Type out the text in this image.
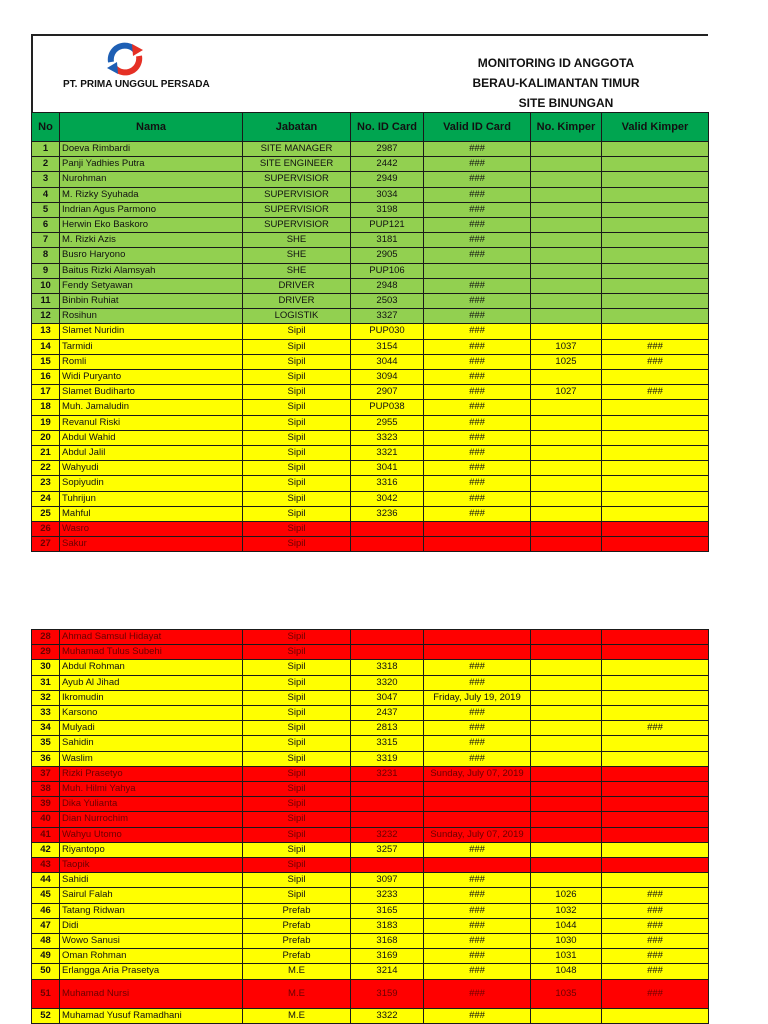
PT. PRIMA UNGGUL PERSADA
MONITORING ID ANGGOTA
BERAU-KALIMANTAN TIMUR
SITE BINUNGAN
No	Nama	Jabatan	No. ID Card	Valid ID Card	No. Kimper	Valid Kimper
1	Doeva Rimbardi	SITE MANAGER	2987	###		
2	Panji Yadhies Putra	SITE ENGINEER	2442	###		
3	Nurohman	SUPERVISIOR	2949	###		
4	M. Rizky Syuhada	SUPERVISIOR	3034	###		
5	Indrian Agus Parmono	SUPERVISIOR	3198	###		
6	Herwin Eko Baskoro	SUPERVISIOR	PUP121	###		
7	M. Rizki Azis	SHE	3181	###		
8	Busro Haryono	SHE	2905	###		
9	Baitus Rizki Alamsyah	SHE	PUP106			
10	Fendy Setyawan	DRIVER	2948	###		
11	Binbin Ruhiat	DRIVER	2503	###		
12	Rosihun	LOGISTIK	3327	###		
13	Slamet Nuridin	Sipil	PUP030	###		
14	Tarmidi	Sipil	3154	###	1037	###
15	Romli	Sipil	3044	###	1025	###
16	Widi Puryanto	Sipil	3094	###		
17	Slamet Budiharto	Sipil	2907	###	1027	###
18	Muh. Jamaludin	Sipil	PUP038	###		
19	Revanul Riski	Sipil	2955	###		
20	Abdul Wahid	Sipil	3323	###		
21	Abdul Jalil	Sipil	3321	###		
22	Wahyudi	Sipil	3041	###		
23	Sopiyudin	Sipil	3316	###		
24	Tuhrijun	Sipil	3042	###		
25	Mahful	Sipil	3236	###		
26	Wasro	Sipil				
27	Sakur	Sipil				
28	Ahmad Samsul Hidayat	Sipil				
29	Muhamad Tulus Subehi	Sipil				
30	Abdul Rohman	Sipil	3318	###		
31	Ayub Al Jihad	Sipil	3320	###		
32	Ikromudin	Sipil	3047	Friday, July 19, 2019		
33	Karsono	Sipil	2437	###		
34	Mulyadi	Sipil	2813	###		###
35	Sahidin	Sipil	3315	###		
36	Waslim	Sipil	3319	###		
37	Rizki Prasetyo	Sipil	3231	Sunday, July 07, 2019		
38	Muh. Hilmi Yahya	Sipil				
39	Dika Yulianta	Sipil				
40	Dian Nurrochim	Sipil				
41	Wahyu Utomo	Sipil	3232	Sunday, July 07, 2019		
42	Riyantopo	Sipil	3257	###		
43	Taopik	Sipil				
44	Sahidi	Sipil	3097	###		
45	Sairul Falah	Sipil	3233	###	1026	###
46	Tatang Ridwan	Prefab	3165	###	1032	###
47	Didi	Prefab	3183	###	1044	###
48	Wowo Sanusi	Prefab	3168	###	1030	###
49	Oman Rohman	Prefab	3169	###	1031	###
50	Erlangga Aria Prasetya	M.E	3214	###	1048	###
51	Muhamad Nursi	M.E	3159	###	1035	###
52	Muhamad Yusuf Ramadhani	M.E	3322	###		
